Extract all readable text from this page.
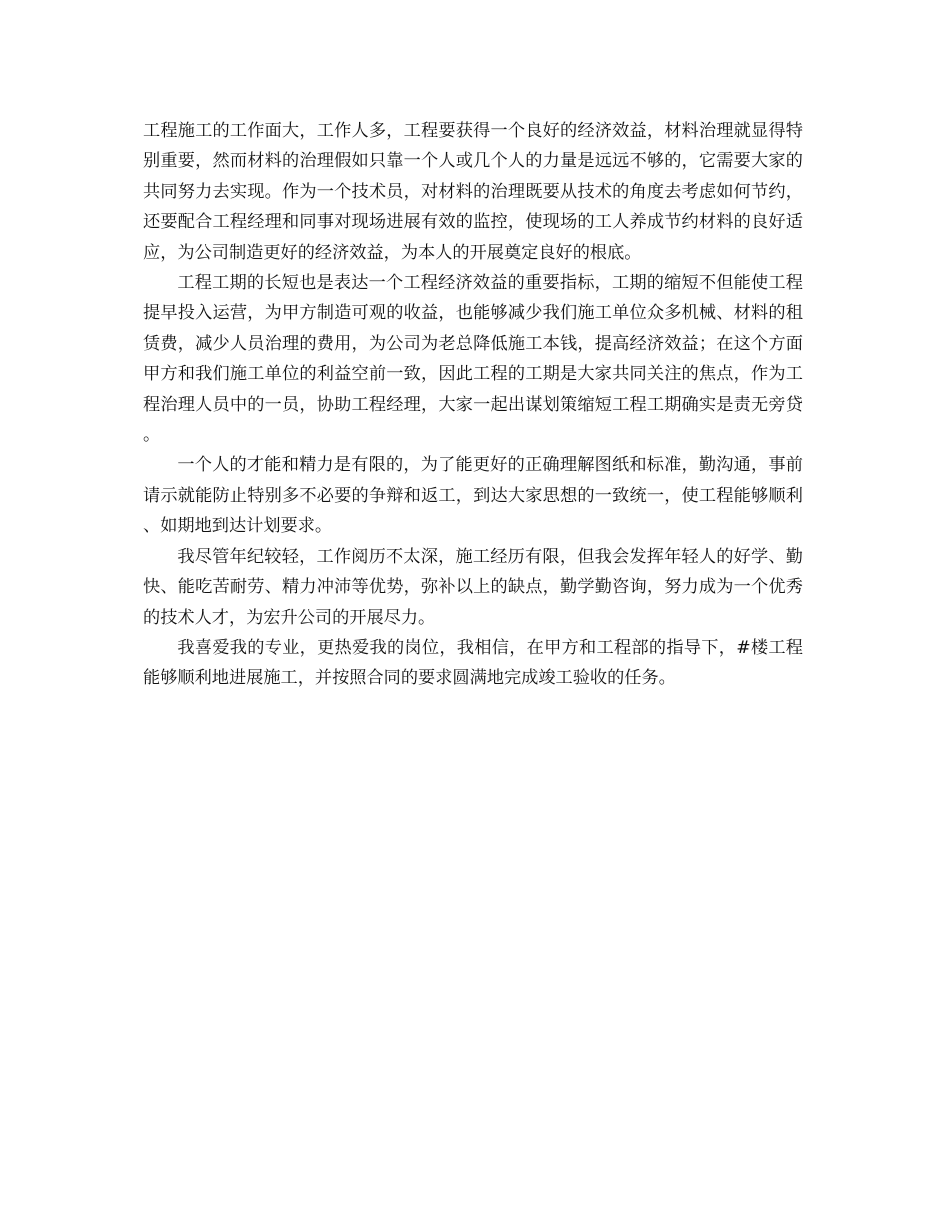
工程施工的工作面大，工作人多，工程要获得一个良好的经济效益，材料治理就显得特别重要，然而材料的治理假如只靠一个人或几个人的力量是远远不够的，它需要大家的共同努力去实现。作为一个技术员，对材料的治理既要从技术的角度去考虑如何节约，还要配合工程经理和同事对现场进展有效的监控，使现场的工人养成节约材料的良好适应，为公司制造更好的经济效益，为本人的开展奠定良好的根底。

工程工期的长短也是表达一个工程经济效益的重要指标，工期的缩短不但能使工程提早投入运营，为甲方制造可观的收益，也能够减少我们施工单位众多机械、材料的租赁费，减少人员治理的费用，为公司为老总降低施工本钱，提高经济效益；在这个方面甲方和我们施工单位的利益空前一致，因此工程的工期是大家共同关注的焦点，作为工程治理人员中的一员，协助工程经理，大家一起出谋划策缩短工程工期确实是责无旁贷。

一个人的才能和精力是有限的，为了能更好的正确理解图纸和标准，勤沟通，事前请示就能防止特别多不必要的争辩和返工，到达大家思想的一致统一，使工程能够顺利、如期地到达计划要求。

我尽管年纪较轻，工作阅历不太深，施工经历有限，但我会发挥年轻人的好学、勤快、能吃苦耐劳、精力冲沛等优势，弥补以上的缺点，勤学勤咨询，努力成为一个优秀的技术人才，为宏升公司的开展尽力。

我喜爱我的专业，更热爱我的岗位，我相信，在甲方和工程部的指导下，#楼工程能够顺利地进展施工，并按照合同的要求圆满地完成竣工验收的任务。
